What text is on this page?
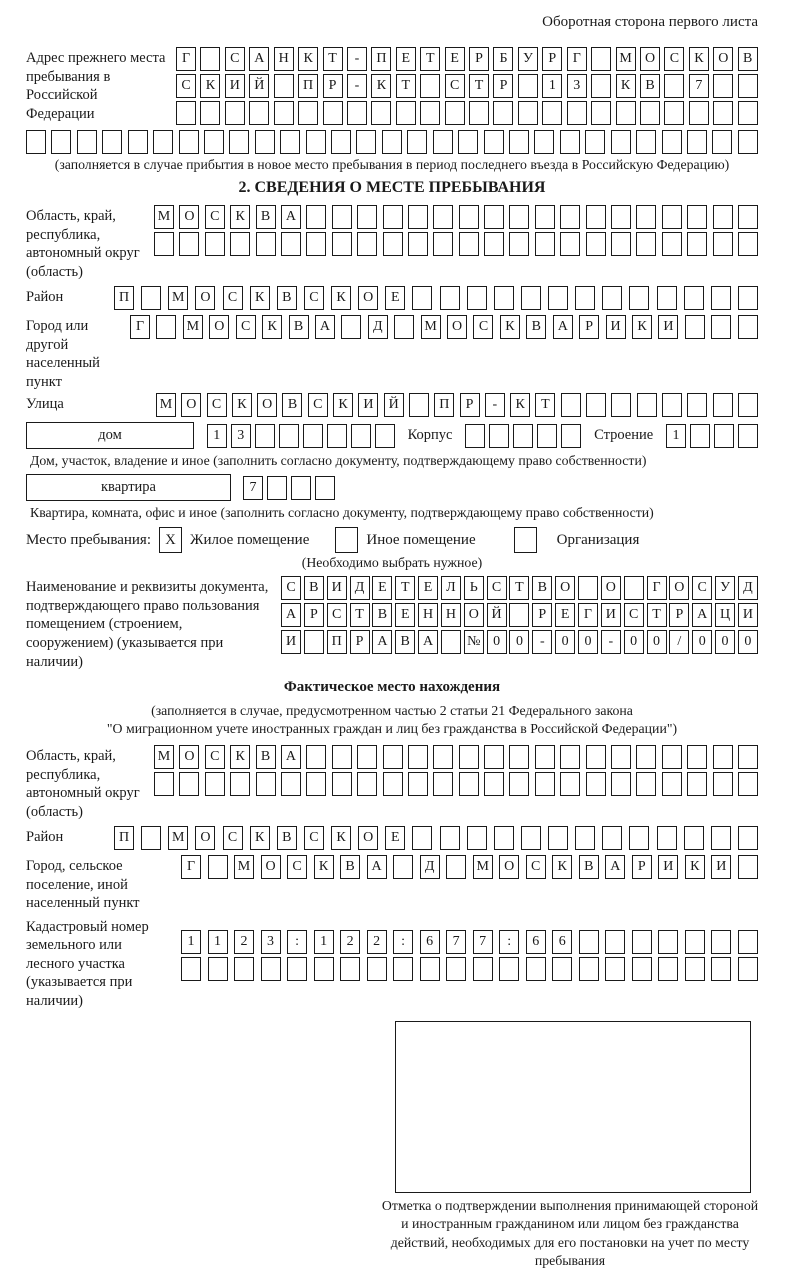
Оборотная сторона первого листа
Адрес прежнего места пребывания в Российской Федерации
Г	С	А	Н	К	Т	-	П	Е	Т	Е	Р	Б	У	Р	Г	М О	С	К	О	В
С	К	И	Й	П	Р	-	К	Т	С	Т	Р	1	3	К	В	7
(заполняется в случае прибытия в новое место пребывания в период последнего въезда в Российскую Федерацию)
2. СВЕДЕНИЯ О МЕСТЕ ПРЕБЫВАНИЯ
Область, край, республика, автономный округ (область)
М	О	С	К	В	А
Район	П	М	О	С	К	В	С	К	О	Е
Город или другой населенный пункт
Г	М	О	С	К	В	А	Д	М	О	С	К	В	А	Р	И	К	И
Улица	М	О	С	К	О	В	С	К	И	Й	П	Р	-	К	Т
дом	1	3	Корпус	Строение	1
Дом, участок, владение и иное (заполнить согласно документу, подтверждающему право собственности)
квартира	7
Квартира, комната, офис и иное (заполнить согласно документу, подтверждающему право собственности)
Место пребывания: X Жилое помещение	Иное помещение	Организация
(Необходимо выбрать нужное)
Наименование и реквизиты документа, подтверждающего право пользования помещением (строением, сооружением) (указывается при наличии)
С В И Д Е	Т	Е Л	Ь	С Т В О	О	Г О С У Д
А Р	С Т В Е Н Н О Й	Р	Е	Г И С Т	Р А Ц И
И	П Р А В А	№ 0	0	-	0	0	-	0	0	/	0	0	0
Фактическое место нахождения
(заполняется в случае, предусмотренном частью 2 статьи 21 Федерального закона
"О миграционном учете иностранных граждан и лиц без гражданства в Российской Федерации")
Область, край, республика, автономный округ (область)
М	О	С	К	В	А
Район	П	М	О	С	К	В	С	К	О	Е
Город, сельское поселение, иной населенный пункт
Г	М	О	С	К	В	А	Д	М	О	С	К	В	А	Р	И	К	И
Кадастровый номер земельного или лесного участка (указывается при наличии)
1	1	2	3	:	1	2	2	:	6	7	7	:	6	6
Отметка о подтверждении выполнения принимающей стороной и иностранным гражданином или лицом без гражданства действий, необходимых для его постановки на учет по месту пребывания
